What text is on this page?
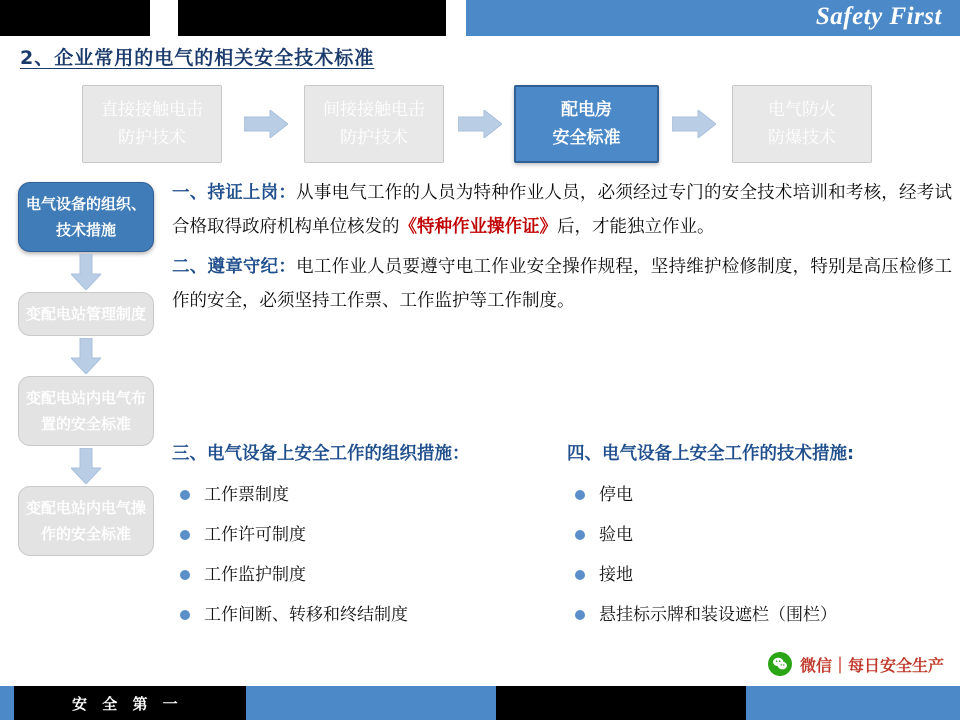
Safety First
2、企业常用的电气的相关安全技术标准
直接接触电击
防护技术
间接接触电击
防护技术
配电房
安全标准
电气防火
防爆技术
电气设备的组织、技术措施
变配电站管理制度
变配电站内电气布置的安全标准
变配电站内电气操作的安全标准
一、持证上岗：从事电气工作的人员为特种作业人员，必须经过专门的安全技术培训和考核，经考试合格取得政府机构单位核发的《特种作业操作证》后，才能独立作业。
二、遵章守纪：电工作业人员要遵守电工作业安全操作规程，坚持维护检修制度，特别是高压检修工作的安全，必须坚持工作票、工作监护等工作制度。
三、电气设备上安全工作的组织措施：
工作票制度
工作许可制度
工作监护制度
工作间断、转移和终结制度
四、电气设备上安全工作的技术措施:
停电
验电
接地
悬挂标示牌和装设遮栏（围栏）
微信｜每日安全生产
安 全 第 一
